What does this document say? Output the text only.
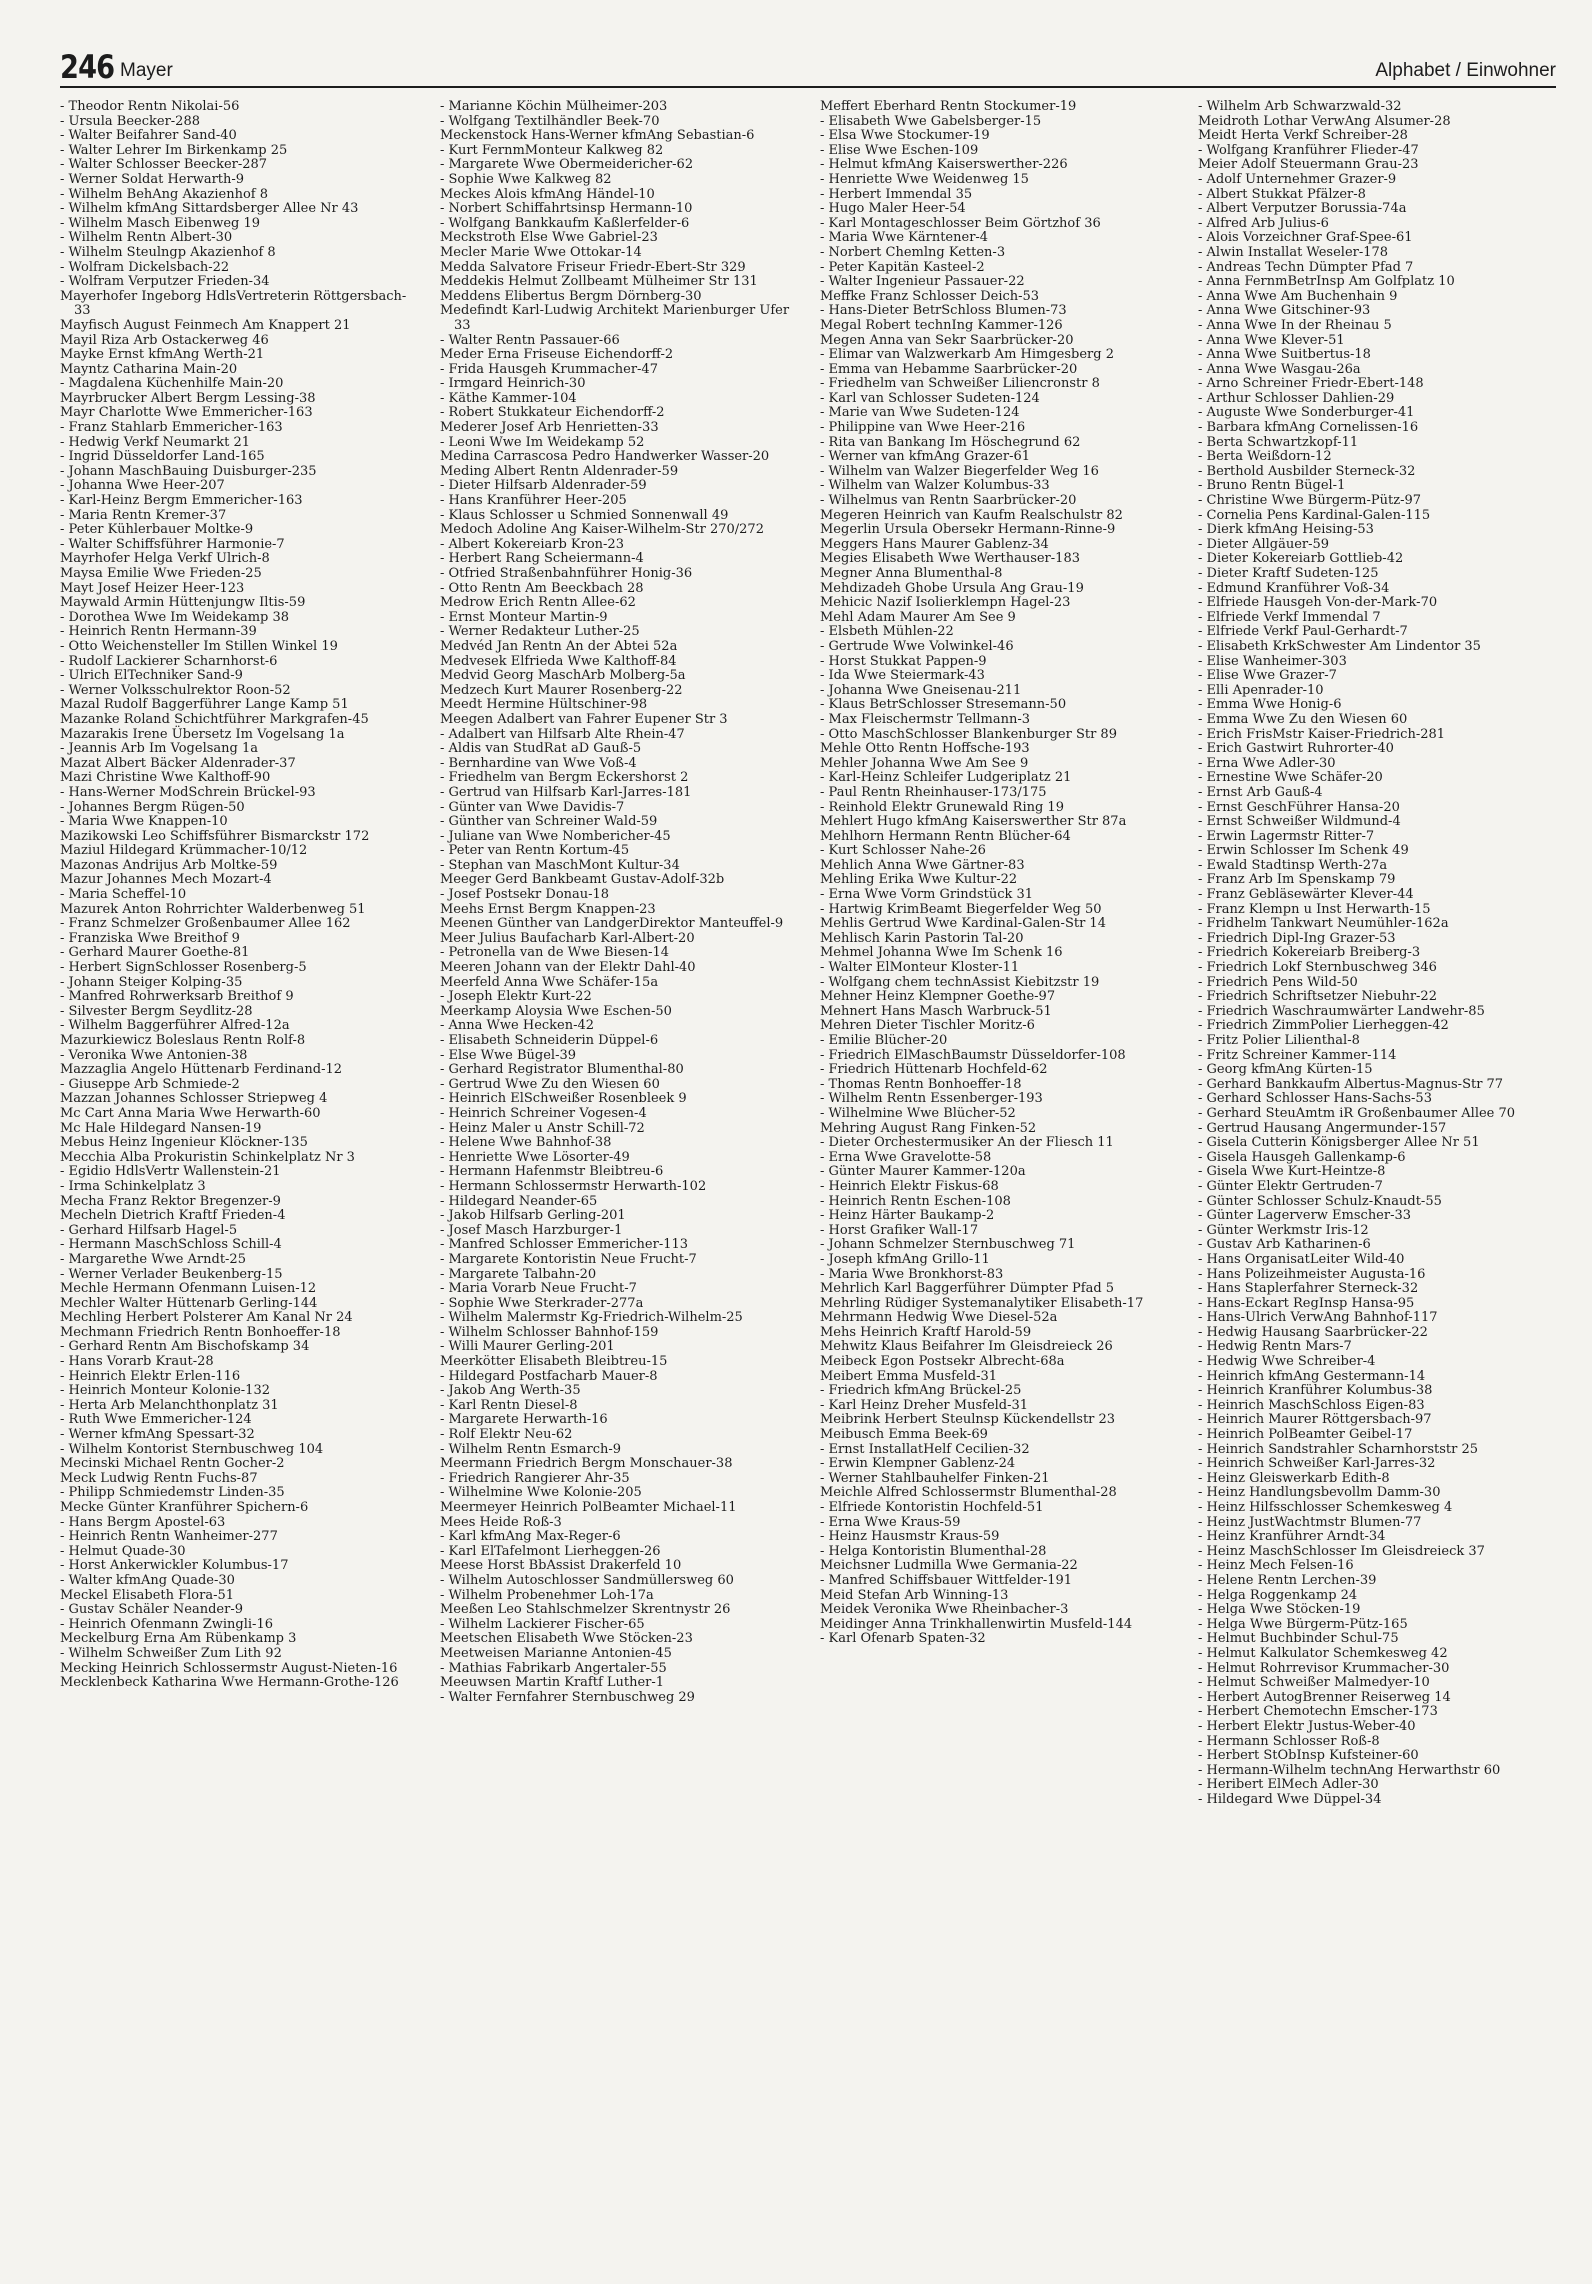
246 Mayer	Alphabet / Einwohner
- Theodor Rentn Nikolai-56
- Ursula Beecker-288
- Walter Beifahrer Sand-40
- Walter Lehrer Im Birkenkamp 25
- Walter Schlosser Beecker-287
- Werner Soldat Herwarth-9
- Wilhelm BehAng Akazienhof 8
- Wilhelm kfmAng Sittardsberger Allee Nr 43
- Wilhelm Masch Eibenweg 19
- Wilhelm Rentn Albert-30
- Wilhelm Steulngp Akazienhof 8
- Wolfram Dickelsbach-22
- Wolfram Verputzer Frieden-34
Mayerhofer Ingeborg HdlsVertreterin Röttgersbach-33
Mayfisch August Feinmech Am Knappert 21
Mayil Riza Arb Ostackerweg 46
Mayke Ernst kfmAng Werth-21
Mayntz Catharina Main-20
- Magdalena Küchenhilfe Main-20
Mayrbrucker Albert Bergm Lessing-38
Mayr Charlotte Wwe Emmericher-163
- Franz Stahlarb Emmericher-163
- Hedwig Verkf Neumarkt 21
- Ingrid Düsseldorfer Land-165
- Johann MaschBauing Duisburger-235
- Johanna Wwe Heer-207
- Karl-Heinz Bergm Emmericher-163
- Maria Rentn Kremer-37
- Peter Kühlerbauer Moltke-9
- Walter Schiffsführer Harmonie-7
Mayrhofer Helga Verkf Ulrich-8
Maysa Emilie Wwe Frieden-25
Mayt Josef Heizer Heer-123
Maywald Armin Hüttenjungw Iltis-59
- Dorothea Wwe Im Weidekamp 38
- Heinrich Rentn Hermann-39
- Otto Weichensteller Im Stillen Winkel 19
- Rudolf Lackierer Scharnhorst-6
- Ulrich ElTechniker Sand-9
- Werner Volksschulrektor Roon-52
Mazal Rudolf Baggerführer Lange Kamp 51
Mazanke Roland Schichtführer Markgrafen-45
Mazarakis Irene Übersetz Im Vogelsang 1a
- Jeannis Arb Im Vogelsang 1a
Mazat Albert Bäcker Aldenrader-37
Mazi Christine Wwe Kalthoff-90
- Hans-Werner ModSchrein Brückel-93
- Johannes Bergm Rügen-50
- Maria Wwe Knappen-10
Mazikowski Leo Schiffsführer Bismarckstr 172
Maziul Hildegard Krümmacher-10/12
Mazonas Andrijus Arb Moltke-59
Mazur Johannes Mech Mozart-4
- Maria Scheffel-10
Mazurek Anton Rohrrichter Walderbenweg 51
- Franz Schmelzer Großenbaumer Allee 162
- Franziska Wwe Breithof 9
- Gerhard Maurer Goethe-81
- Herbert SignSchlosser Rosenberg-5
- Johann Steiger Kolping-35
- Manfred Rohrwerksarb Breithof 9
- Silvester Bergm Seydlitz-28
- Wilhelm Baggerführer Alfred-12a
Mazurkiewicz Boleslaus Rentn Rolf-8
- Veronika Wwe Antonien-38
Mazzaglia Angelo Hüttenarb Ferdinand-12
- Giuseppe Arb Schmiede-2
Mazzan Johannes Schlosser Striepweg 4
Mc Cart Anna Maria Wwe Herwarth-60
Mc Hale Hildegard Nansen-19
Mebus Heinz Ingenieur Klöckner-135
Mecchia Alba Prokuristin Schinkelplatz Nr 3
- Egidio HdlsVertr Wallenstein-21
- Irma Schinkelplatz 3
Mecha Franz Rektor Bregenzer-9
Mecheln Dietrich Kraftf Frieden-4
- Gerhard Hilfsarb Hagel-5
- Hermann MaschSchloss Schill-4
- Margarethe Wwe Arndt-25
- Werner Verlader Beukenberg-15
Mechle Hermann Ofenmann Luisen-12
Mechler Walter Hüttenarb Gerling-144
Mechling Herbert Polsterer Am Kanal Nr 24
Mechmann Friedrich Rentn Bonhoeffer-18
- Gerhard Rentn Am Bischofskamp 34
- Hans Vorarb Kraut-28
- Heinrich Elektr Erlen-116
- Heinrich Monteur Kolonie-132
- Herta Arb Melanchthonplatz 31
- Ruth Wwe Emmericher-124
- Werner kfmAng Spessart-32
- Wilhelm Kontorist Sternbuschweg 104
Mecinski Michael Rentn Gocher-2
Meck Ludwig Rentn Fuchs-87
- Philipp Schmiedemstr Linden-35
Mecke Günter Kranführer Spichern-6
- Hans Bergm Apostel-63
- Heinrich Rentn Wanheimer-277
- Helmut Quade-30
- Horst Ankerwickler Kolumbus-17
- Walter kfmAng Quade-30
Meckel Elisabeth Flora-51
- Gustav Schäler Neander-9
- Heinrich Ofenmann Zwingli-16
Meckelburg Erna Am Rübenkamp 3
- Wilhelm Schweißer Zum Lith 92
Mecking Heinrich Schlossermstr August-Nieten-16
Mecklenbeck Katharina Wwe Hermann-Grothe-126
- Marianne Köchin Mülheimer-203
- Wolfgang Textilhändler Beek-70
Meckenstock Hans-Werner kfmAng Sebastian-6
- Kurt FernmMonteur Kalkweg 82
- Margarete Wwe Obermeidericher-62
- Sophie Wwe Kalkweg 82
Meckes Alois kfmAng Händel-10
- Norbert Schiffahrtsinsp Hermann-10
- Wolfgang Bankkaufm Kaßlerfelder-6
Meckstroth Else Wwe Gabriel-23
Mecler Marie Wwe Ottokar-14
Medda Salvatore Friseur Friedr-Ebert-Str 329
Meddekis Helmut Zollbeamt Mülheimer Str 131
Meddens Elibertus Bergm Dörnberg-30
Medefindt Karl-Ludwig Architekt Marienburger Ufer 33
- Walter Rentn Passauer-66
Meder Erna Friseuse Eichendorff-2
- Frida Hausgeh Krummacher-47
- Irmgard Heinrich-30
- Käthe Kammer-104
- Robert Stukkateur Eichendorff-2
Mederer Josef Arb Henrietten-33
- Leoni Wwe Im Weidekamp 52
Medina Carrascosa Pedro Handwerker Wasser-20
Meding Albert Rentn Aldenrader-59
- Dieter Hilfsarb Aldenrader-59
- Hans Kranführer Heer-205
- Klaus Schlosser u Schmied Sonnenwall 49
Medoch Adoline Ang Kaiser-Wilhelm-Str 270/272
- Albert Kokereiarb Kron-23
- Herbert Rang Scheiermann-4
- Otfried Straßenbahnführer Honig-36
- Otto Rentn Am Beeckbach 28
Medrow Erich Rentn Allee-62
- Ernst Monteur Martin-9
- Werner Redakteur Luther-25
Medvéd Jan Rentn An der Abtei 52a
Medvesek Elfrieda Wwe Kalthoff-84
Medvid Georg MaschArb Molberg-5a
Medzech Kurt Maurer Rosenberg-22
Meedt Hermine Hültschiner-98
Meegen Adalbert van Fahrer Eupener Str 3
- Adalbert van Hilfsarb Alte Rhein-47
- Aldis van StudRat aD Gauß-5
- Bernhardine van Wwe Voß-4
- Friedhelm van Bergm Eckershorst 2
- Gertrud van Hilfsarb Karl-Jarres-181
- Günter van Wwe Davidis-7
- Günther van Schreiner Wald-59
- Juliane van Wwe Nombericher-45
- Peter van Rentn Kortum-45
- Stephan van MaschMont Kultur-34
Meeger Gerd Bankbeamt Gustav-Adolf-32b
- Josef Postsekr Donau-18
Meehs Ernst Bergm Knappen-23
Meenen Günther van LandgerDirektor Manteuffel-9
Meer Julius Baufacharb Karl-Albert-20
- Petronella van de Wwe Biesen-14
Meeren Johann van der Elektr Dahl-40
Meerfeld Anna Wwe Schäfer-15a
- Joseph Elektr Kurt-22
Meerkamp Aloysia Wwe Eschen-50
- Anna Wwe Hecken-42
- Elisabeth Schneiderin Düppel-6
- Else Wwe Bügel-39
- Gerhard Registrator Blumenthal-80
- Gertrud Wwe Zu den Wiesen 60
- Heinrich ElSchweißer Rosenbleek 9
- Heinrich Schreiner Vogesen-4
- Heinz Maler u Anstr Schill-72
- Helene Wwe Bahnhof-38
- Henriette Wwe Lösorter-49
- Hermann Hafenmstr Bleibtreu-6
- Hermann Schlossermstr Herwarth-102
- Hildegard Neander-65
- Jakob Hilfsarb Gerling-201
- Josef Masch Harzburger-1
- Manfred Schlosser Emmericher-113
- Margarete Kontoristin Neue Frucht-7
- Margarete Talbahn-20
- Maria Vorarb Neue Frucht-7
- Sophie Wwe Sterkrader-277a
- Wilhelm Malermstr Kg-Friedrich-Wilhelm-25
- Wilhelm Schlosser Bahnhof-159
- Willi Maurer Gerling-201
Meerkötter Elisabeth Bleibtreu-15
- Hildegard Postfacharb Mauer-8
- Jakob Ang Werth-35
- Karl Rentn Diesel-8
- Margarete Herwarth-16
- Rolf Elektr Neu-62
- Wilhelm Rentn Esmarch-9
Meermann Friedrich Bergm Monschauer-38
- Friedrich Rangierer Ahr-35
- Wilhelmine Wwe Kolonie-205
Meermeyer Heinrich PolBeamter Michael-11
Mees Heide Roß-3
- Karl kfmAng Max-Reger-6
- Karl ElTafelmont Lierheggen-26
Meese Horst BbAssist Drakerfeld 10
- Wilhelm Autoschlosser Sandmüllersweg 60
- Wilhelm Probenehmer Loh-17a
Meeßen Leo Stahlschmelzer Skrentnystr 26
- Wilhelm Lackierer Fischer-65
Meetschen Elisabeth Wwe Stöcken-23
Meetweisen Marianne Antonien-45
- Mathias Fabrikarb Angertaler-55
Meeuwsen Martin Kraftf Luther-1
- Walter Fernfahrer Sternbuschweg 29
Meffert Eberhard Rentn Stockumer-19
- Elisabeth Wwe Gabelsberger-15
- Elsa Wwe Stockumer-19
- Elise Wwe Eschen-109
- Helmut kfmAng Kaiserswerther-226
- Henriette Wwe Weidenweg 15
- Herbert Immendal 35
- Hugo Maler Heer-54
- Karl Montageschlosser Beim Görtzhof 36
- Maria Wwe Kärntener-4
- Norbert Chemlng Ketten-3
- Peter Kapitän Kasteel-2
- Walter Ingenieur Passauer-22
Meffke Franz Schlosser Deich-53
- Hans-Dieter BetrSchloss Blumen-73
Megal Robert technIng Kammer-126
Megen Anna van Sekr Saarbrücker-20
- Elimar van Walzwerkarb Am Himgesberg 2
- Emma van Hebamme Saarbrücker-20
- Friedhelm van Schweißer Liliencronstr 8
- Karl van Schlosser Sudeten-124
- Marie van Wwe Sudeten-124
- Philippine van Wwe Heer-216
- Rita van Bankang Im Höschegrund 62
- Werner van kfmAng Grazer-61
- Wilhelm van Walzer Biegerfelder Weg 16
- Wilhelm van Walzer Kolumbus-33
- Wilhelmus van Rentn Saarbrücker-20
Megeren Heinrich van Kaufm Realschulstr 82
Megerlin Ursula Obersekr Hermann-Rinne-9
Meggers Hans Maurer Gablenz-34
Megies Elisabeth Wwe Werthauser-183
Megner Anna Blumenthal-8
Mehdizadeh Ghobe Ursula Ang Grau-19
Mehicic Nazif Isolierklempn Hagel-23
Mehl Adam Maurer Am See 9
- Elsbeth Mühlen-22
- Gertrude Wwe Volwinkel-46
- Horst Stukkat Pappen-9
- Ida Wwe Steiermark-43
- Johanna Wwe Gneisenau-211
- Klaus BetrSchlosser Stresemann-50
- Max Fleischermstr Tellmann-3
- Otto MaschSchlosser Blankenburger Str 89
Mehle Otto Rentn Hoffsche-193
Mehler Johanna Wwe Am See 9
- Karl-Heinz Schleifer Ludgeriplatz 21
- Paul Rentn Rheinhauser-173/175
- Reinhold Elektr Grunewald Ring 19
Mehlert Hugo kfmAng Kaiserswerther Str 87a
Mehlhorn Hermann Rentn Blücher-64
- Kurt Schlosser Nahe-26
Mehlich Anna Wwe Gärtner-83
Mehling Erika Wwe Kultur-22
- Erna Wwe Vorm Grindstück 31
- Hartwig KrimBeamt Biegerfelder Weg 50
Mehlis Gertrud Wwe Kardinal-Galen-Str 14
Mehlisch Karin Pastorin Tal-20
Mehmel Johanna Wwe Im Schenk 16
- Walter ElMonteur Kloster-11
- Wolfgang chem technAssist Kiebitzstr 19
Mehner Heinz Klempner Goethe-97
Mehnert Hans Masch Warbruck-51
Mehren Dieter Tischler Moritz-6
- Emilie Blücher-20
- Friedrich ElMaschBaumstr Düsseldorfer-108
- Friedrich Hüttenarb Hochfeld-62
- Thomas Rentn Bonhoeffer-18
- Wilhelm Rentn Essenberger-193
- Wilhelmine Wwe Blücher-52
Mehring August Rang Finken-52
- Dieter Orchestermusiker An der Fliesch 11
- Erna Wwe Gravelotte-58
- Günter Maurer Kammer-120a
- Heinrich Elektr Fiskus-68
- Heinrich Rentn Eschen-108
- Heinz Härter Baukamp-2
- Horst Grafiker Wall-17
- Johann Schmelzer Sternbuschweg 71
- Joseph kfmAng Grillo-11
- Maria Wwe Bronkhorst-83
Mehrlich Karl Baggerführer Dümpter Pfad 5
Mehrling Rüdiger Systemanalytiker Elisabeth-17
Mehrmann Hedwig Wwe Diesel-52a
Mehs Heinrich Kraftf Harold-59
Mehwitz Klaus Beifahrer Im Gleisdreieck 26
Meibeck Egon Postsekr Albrecht-68a
Meibert Emma Musfeld-31
- Friedrich kfmAng Brückel-25
- Karl Heinz Dreher Musfeld-31
Meibrink Herbert Steulnsp Kückendellstr 23
Meibusch Emma Beek-69
- Ernst InstallatHelf Cecilien-32
- Erwin Klempner Gablenz-24
- Werner Stahlbauhelfer Finken-21
Meichle Alfred Schlossermstr Blumenthal-28
- Elfriede Kontoristin Hochfeld-51
- Erna Wwe Kraus-59
- Heinz Hausmstr Kraus-59
- Helga Kontoristin Blumenthal-28
Meichsner Ludmilla Wwe Germania-22
- Manfred Schiffsbauer Wittfelder-191
Meid Stefan Arb Winning-13
Meidek Veronika Wwe Rheinbacher-3
Meidinger Anna Trinkhallenwirtin Musfeld-144
- Karl Ofenarb Spaten-32
- Wilhelm Arb Schwarzwald-32
Meidroth Lothar VerwAng Alsumer-28
Meidt Herta Verkf Schreiber-28
- Wolfgang Kranführer Flieder-47
Meier Adolf Steuermann Grau-23
- Adolf Unternehmer Grazer-9
- Albert Stukkat Pfälzer-8
- Albert Verputzer Borussia-74a
- Alfred Arb Julius-6
- Alois Vorzeichner Graf-Spee-61
- Alwin Installat Weseler-178
- Andreas Techn Dümpter Pfad 7
- Anna FernmBetrInsp Am Golfplatz 10
- Anna Wwe Am Buchenhain 9
- Anna Wwe Gitschiner-93
- Anna Wwe In der Rheinau 5
- Anna Wwe Klever-51
- Anna Wwe Suitbertus-18
- Anna Wwe Wasgau-26a
- Arno Schreiner Friedr-Ebert-148
- Arthur Schlosser Dahlien-29
- Auguste Wwe Sonderburger-41
- Barbara kfmAng Cornelissen-16
- Berta Schwartzkopf-11
- Berta Weißdorn-12
- Berthold Ausbilder Sterneck-32
- Bruno Rentn Bügel-1
- Christine Wwe Bürgerm-Pütz-97
- Cornelia Pens Kardinal-Galen-115
- Dierk kfmAng Heising-53
- Dieter Allgäuer-59
- Dieter Kokereiarb Gottlieb-42
- Dieter Kraftf Sudeten-125
- Edmund Kranführer Voß-34
- Elfriede Hausgeh Von-der-Mark-70
- Elfriede Verkf Immendal 7
- Elfriede Verkf Paul-Gerhardt-7
- Elisabeth KrkSchwester Am Lindentor 35
- Elise Wanheimer-303
- Elise Wwe Grazer-7
- Elli Apenrader-10
- Emma Wwe Honig-6
- Emma Wwe Zu den Wiesen 60
- Erich FrisMstr Kaiser-Friedrich-281
- Erich Gastwirt Ruhrorter-40
- Erna Wwe Adler-30
- Ernestine Wwe Schäfer-20
- Ernst Arb Gauß-4
- Ernst GeschFührer Hansa-20
- Ernst Schweißer Wildmund-4
- Erwin Lagermstr Ritter-7
- Erwin Schlosser Im Schenk 49
- Ewald Stadtinsp Werth-27a
- Franz Arb Im Spenskamp 79
- Franz Gebläsewärter Klever-44
- Franz Klempn u Inst Herwarth-15
- Fridhelm Tankwart Neumühler-162a
- Friedrich Dipl-Ing Grazer-53
- Friedrich Kokereiarb Breiberg-3
- Friedrich Lokf Sternbuschweg 346
- Friedrich Pens Wild-50
- Friedrich Schriftsetzer Niebuhr-22
- Friedrich Waschraumwärter Landwehr-85
- Friedrich ZimmPolier Lierheggen-42
- Fritz Polier Lilienthal-8
- Fritz Schreiner Kammer-114
- Georg kfmAng Kürten-15
- Gerhard Bankkaufm Albertus-Magnus-Str 77
- Gerhard Schlosser Hans-Sachs-53
- Gerhard SteuAmtm iR Großenbaumer Allee 70
- Gertrud Hausang Angermunder-157
- Gisela Cutterin Königsberger Allee Nr 51
- Gisela Hausgeh Gallenkamp-6
- Gisela Wwe Kurt-Heintze-8
- Günter Elektr Gertruden-7
- Günter Schlosser Schulz-Knaudt-55
- Günter Lagerverw Emscher-33
- Günter Werkmstr Iris-12
- Gustav Arb Katharinen-6
- Hans OrganisatLeiter Wild-40
- Hans Polizeihmeister Augusta-16
- Hans Staplerfahrer Sterneck-32
- Hans-Eckart RegInsp Hansa-95
- Hans-Ulrich VerwAng Bahnhof-117
- Hedwig Hausang Saarbrücker-22
- Hedwig Rentn Mars-7
- Hedwig Wwe Schreiber-4
- Heinrich kfmAng Gestermann-14
- Heinrich Kranführer Kolumbus-38
- Heinrich MaschSchloss Eigen-83
- Heinrich Maurer Röttgersbach-97
- Heinrich PolBeamter Geibel-17
- Heinrich Sandstrahler Scharnhorststr 25
- Heinrich Schweißer Karl-Jarres-32
- Heinz Gleiswerkarb Edith-8
- Heinz Handlungsbevollm Damm-30
- Heinz Hilfsschlosser Schemkesweg 4
- Heinz JustWachtmstr Blumen-77
- Heinz Kranführer Arndt-34
- Heinz MaschSchlosser Im Gleisdreieck 37
- Heinz Mech Felsen-16
- Helene Rentn Lerchen-39
- Helga Roggenkamp 24
- Helga Wwe Stöcken-19
- Helga Wwe Bürgerm-Pütz-165
- Helmut Buchbinder Schul-75
- Helmut Kalkulator Schemkesweg 42
- Helmut Rohrrevisor Krummacher-30
- Helmut Schweißer Malmedyer-10
- Herbert AutogBrenner Reiserweg 14
- Herbert Chemotechn Emscher-173
- Herbert Elektr Justus-Weber-40
- Hermann Schlosser Roß-8
- Herbert StObInsp Kufsteiner-60
- Hermann-Wilhelm technAng Herwarthstr 60
- Heribert ElMech Adler-30
- Hildegard Wwe Düppel-34
